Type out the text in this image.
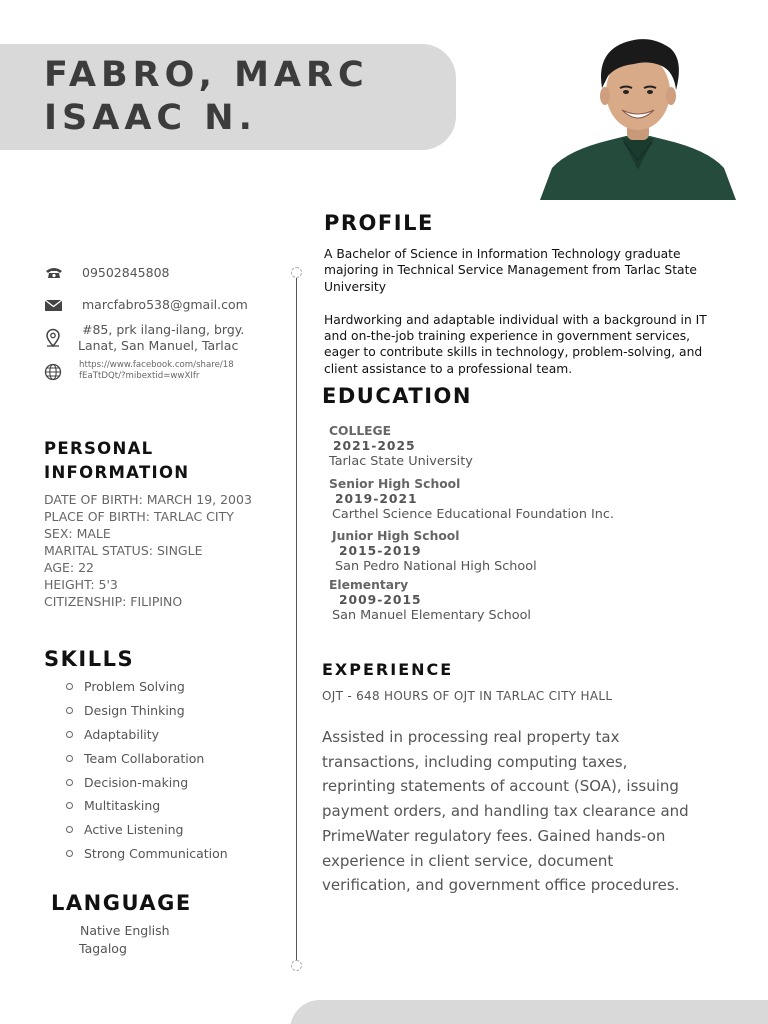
FABRO, MARC
ISAAC N.
09502845808
marcfabro538@gmail.com
#85, prk ilang-ilang, brgy.
Lanat, San Manuel, Tarlac
https://www.facebook.com/share/18
fEaTtDQt/?mibextid=wwXIfr
PERSONAL
INFORMATION
DATE OF BIRTH: MARCH 19, 2003
PLACE OF BIRTH: TARLAC CITY
SEX: MALE
MARITAL STATUS: SINGLE
AGE: 22
HEIGHT: 5'3
CITIZENSHIP: FILIPINO
SKILLS
Problem Solving
Design Thinking
Adaptability
Team Collaboration
Decision-making
Multitasking
Active Listening
Strong Communication
LANGUAGE
Native English
Tagalog
PROFILE

A Bachelor of Science in Information Technology graduate majoring in Technical Service Management from Tarlac State University

Hardworking and adaptable individual with a background in IT and on-the-job training experience in government services, eager to contribute skills in technology, problem-solving, and client assistance to a professional team.

EDUCATION
COLLEGE
2021-2025
Tarlac State University
Senior High School
2019-2021
Carthel Science Educational Foundation Inc.
Junior High School
2015-2019
San Pedro National High School
Elementary
2009-2015
San Manuel Elementary School
EXPERIENCE
OJT - 648 HOURS OF OJT IN TARLAC CITY HALL
Assisted in processing real property tax transactions, including computing taxes, reprinting statements of account (SOA), issuing payment orders, and handling tax clearance and PrimeWater regulatory fees. Gained hands-on experience in client service, document verification, and government office procedures.
